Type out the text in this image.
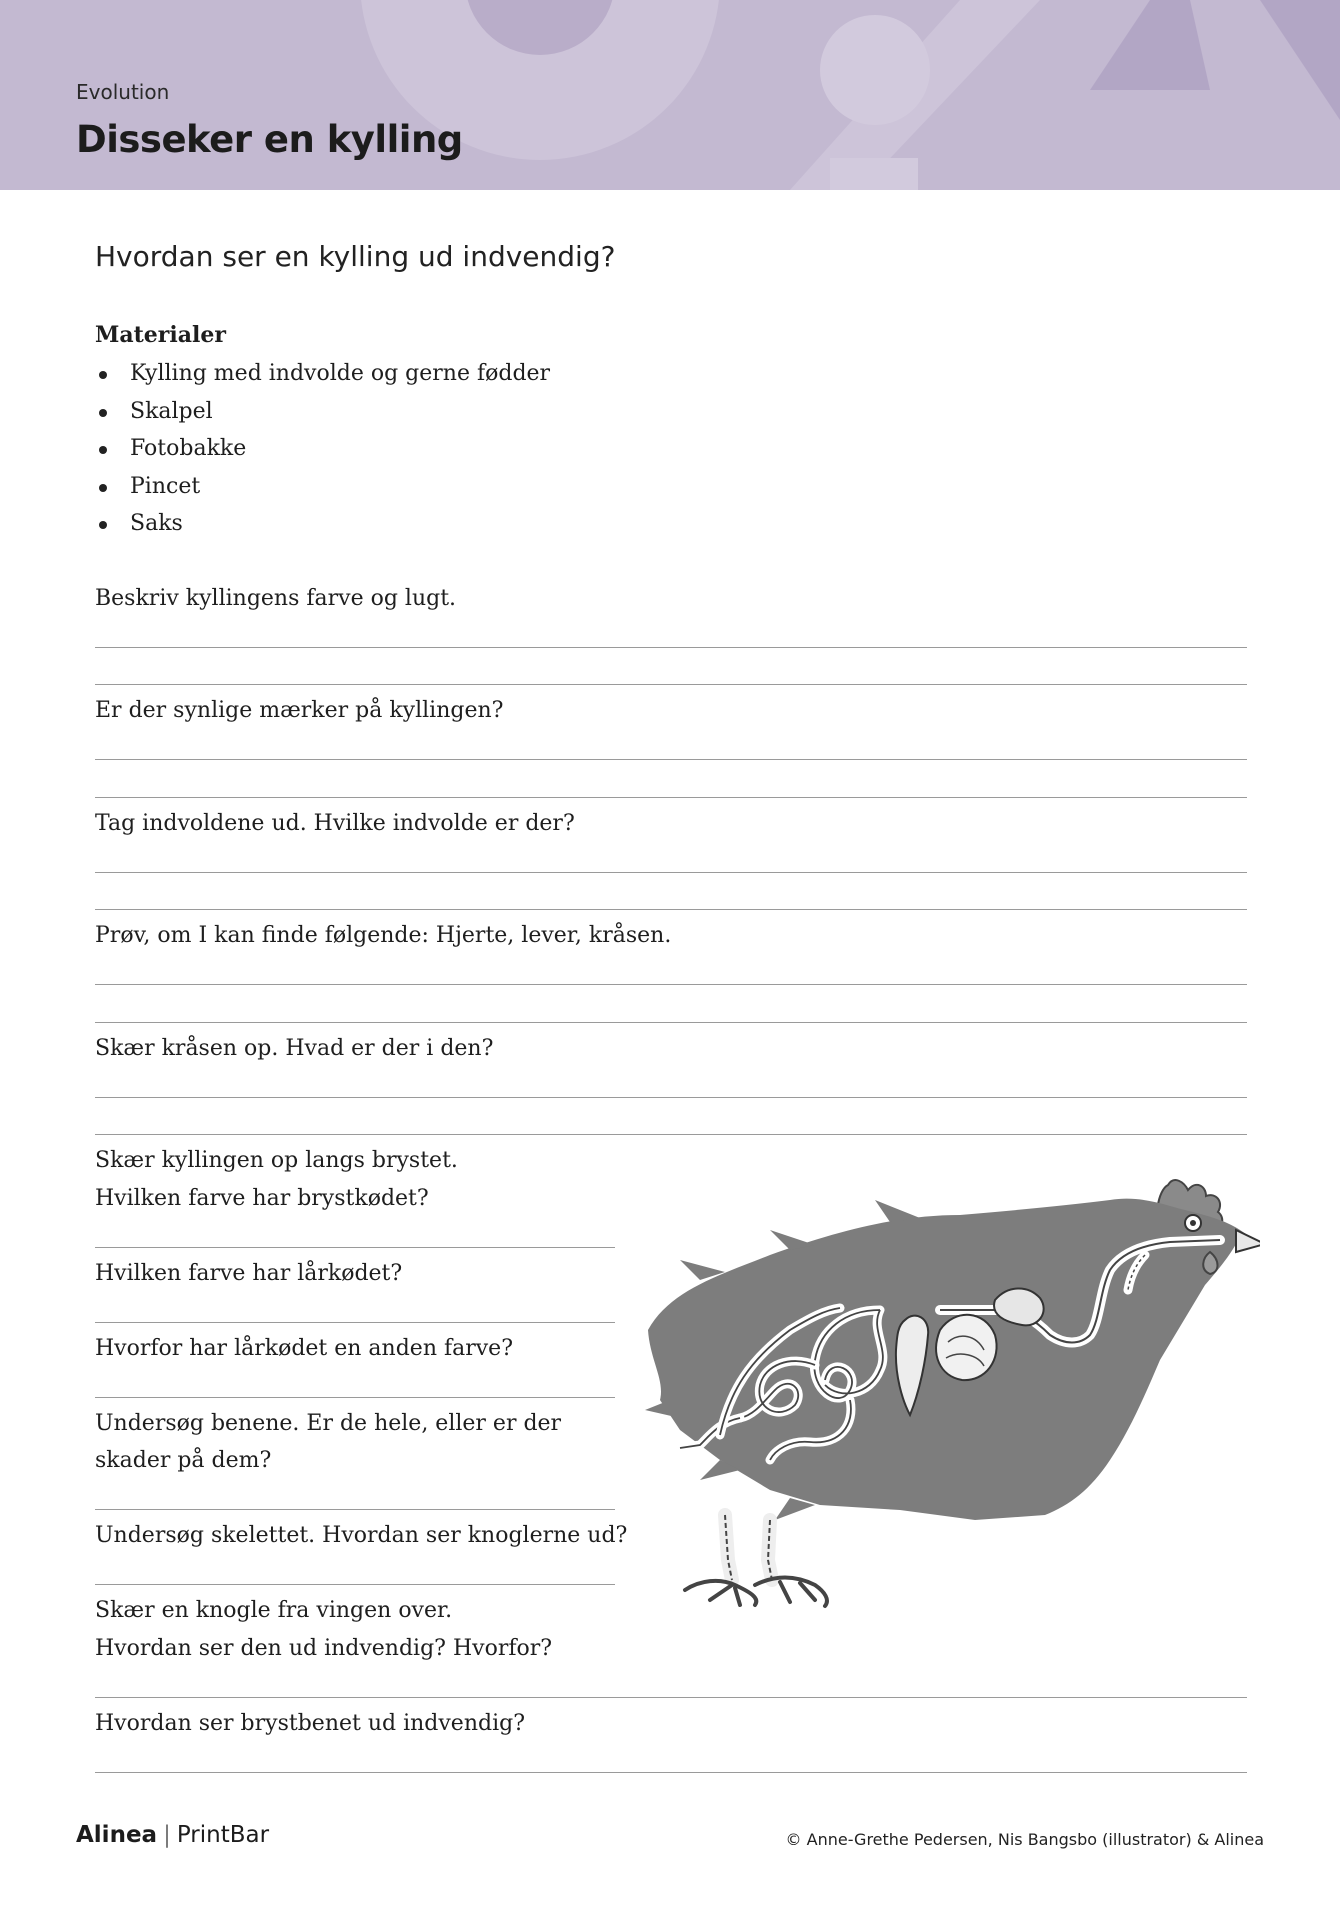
Evolution
Disseker en kylling
Hvordan ser en kylling ud indvendig?
Materialer
Kylling med indvolde og gerne fødder
Skalpel
Fotobakke
Pincet
Saks
Beskriv kyllingens farve og lugt.
Er der synlige mærker på kyllingen?
Tag indvoldene ud. Hvilke indvolde er der?
Prøv, om I kan finde følgende: Hjerte, lever, kråsen.
Skær kråsen op. Hvad er der i den?
Skær kyllingen op langs brystet.
Hvilken farve har brystkødet?
Hvilken farve har lårkødet?
Hvorfor har lårkødet en anden farve?
Undersøg benene. Er de hele, eller er der
skader på dem?
Undersøg skelettet. Hvordan ser knoglerne ud?
Skær en knogle fra vingen over.
Hvordan ser den ud indvendig? Hvorfor?
Hvordan ser brystbenet ud indvendig?
Alinea | PrintBar	© Anne-Grethe Pedersen, Nis Bangsbo (illustrator) & Alinea
